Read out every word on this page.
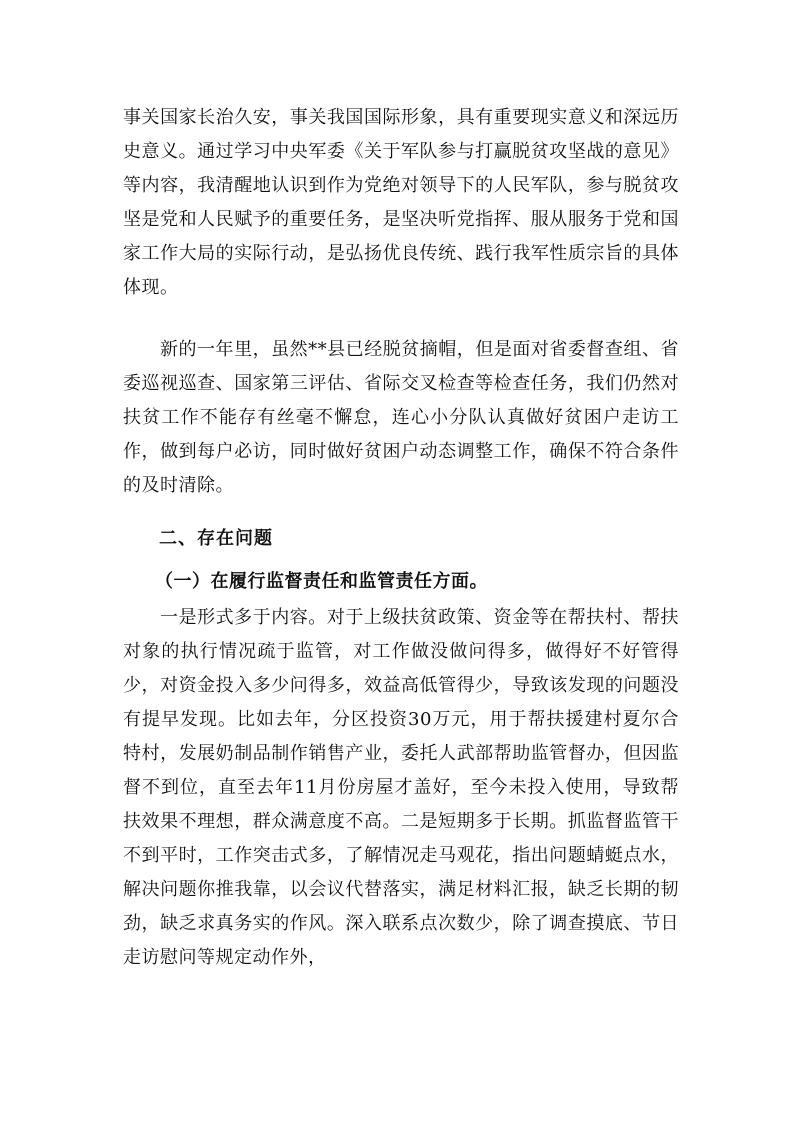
事关国家长治久安，事关我国国际形象，具有重要现实意义和深远历史意义。通过学习中央军委《关于军队参与打赢脱贫攻坚战的意见》等内容，我清醒地认识到作为党绝对领导下的人民军队，参与脱贫攻坚是党和人民赋予的重要任务，是坚决听党指挥、服从服务于党和国家工作大局的实际行动，是弘扬优良传统、践行我军性质宗旨的具体体现。

新的一年里，虽然**县已经脱贫摘帽，但是面对省委督查组、省委巡视巡查、国家第三评估、省际交叉检查等检查任务，我们仍然对扶贫工作不能存有丝毫不懈怠，连心小分队认真做好贫困户走访工作，做到每户必访，同时做好贫困户动态调整工作，确保不符合条件的及时清除。

二、存在问题
（一）在履行监督责任和监管责任方面。

一是形式多于内容。对于上级扶贫政策、资金等在帮扶村、帮扶对象的执行情况疏于监管，对工作做没做问得多，做得好不好管得少，对资金投入多少问得多，效益高低管得少，导致该发现的问题没有提早发现。比如去年，分区投资30万元，用于帮扶援建村夏尔合特村，发展奶制品制作销售产业，委托人武部帮助监管督办，但因监督不到位，直至去年11月份房屋才盖好，至今未投入使用，导致帮扶效果不理想，群众满意度不高。二是短期多于长期。抓监督监管干不到平时，工作突击式多，了解情况走马观花，指出问题蜻蜓点水，解决问题你推我靠，以会议代替落实，满足材料汇报，缺乏长期的韧劲，缺乏求真务实的作风。深入联系点次数少，除了调查摸底、节日走访慰问等规定动作外，
